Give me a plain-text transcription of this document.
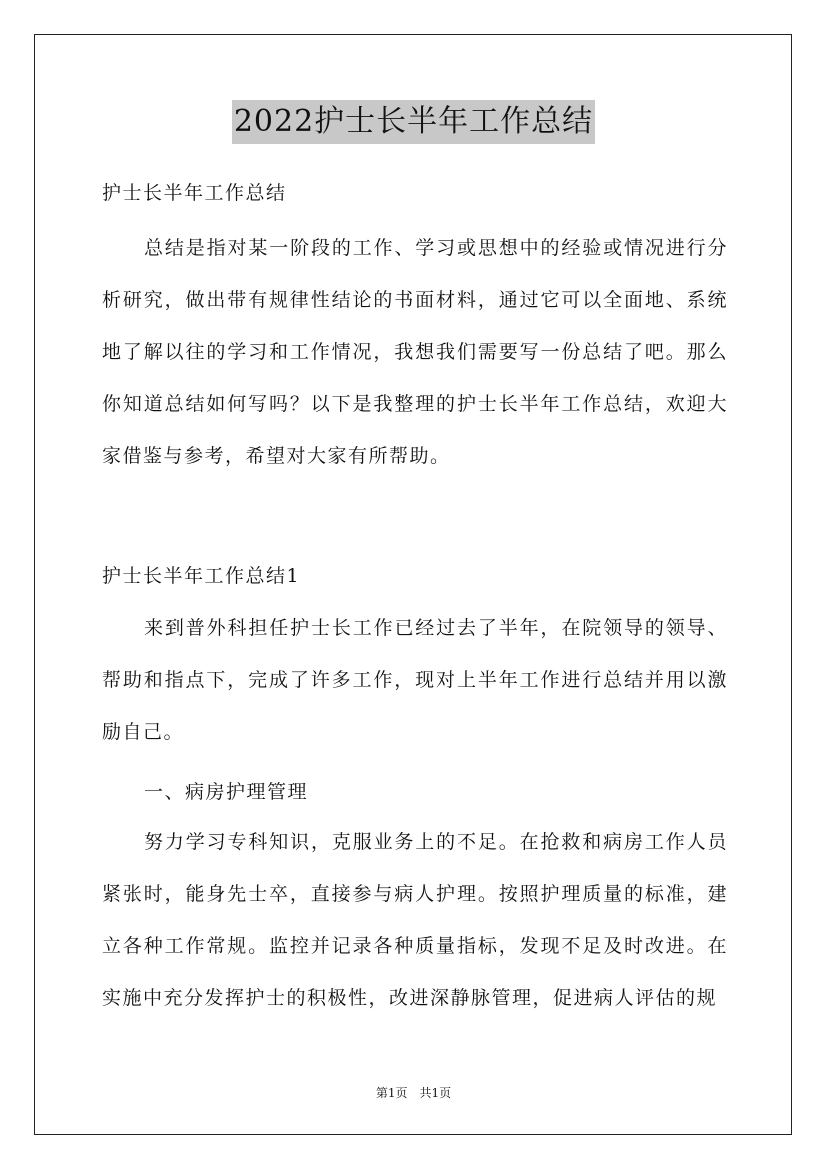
2022护士长半年工作总结
护士长半年工作总结
总结是指对某一阶段的工作、学习或思想中的经验或情况进行分析研究，做出带有规律性结论的书面材料，通过它可以全面地、系统地了解以往的学习和工作情况，我想我们需要写一份总结了吧。那么你知道总结如何写吗？以下是我整理的护士长半年工作总结，欢迎大家借鉴与参考，希望对大家有所帮助。
护士长半年工作总结1
来到普外科担任护士长工作已经过去了半年，在院领导的领导、帮助和指点下，完成了许多工作，现对上半年工作进行总结并用以激励自己。
一、病房护理管理
努力学习专科知识，克服业务上的不足。在抢救和病房工作人员紧张时，能身先士卒，直接参与病人护理。按照护理质量的标准，建立各种工作常规。监控并记录各种质量指标，发现不足及时改进。在实施中充分发挥护士的积极性，改进深静脉管理，促进病人评估的规
第1页　共1页
